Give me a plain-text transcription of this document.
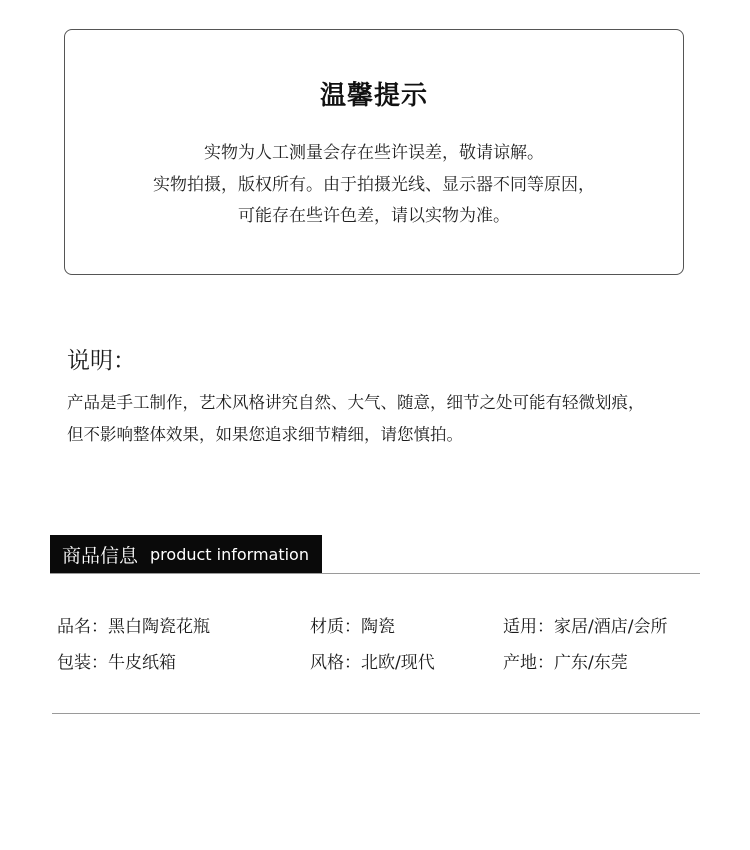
温馨提示
实物为人工测量会存在些许误差，敬请谅解。
实物拍摄，版权所有。由于拍摄光线、显示器不同等原因，
可能存在些许色差，请以实物为准。
说明：
产品是手工制作，艺术风格讲究自然、大气、随意，细节之处可能有轻微划痕，
但不影响整体效果，如果您追求细节精细，请您慎拍。
商品信息 product information
品名：黑白陶瓷花瓶	材质：陶瓷	适用：家居/酒店/会所
包装：牛皮纸箱	风格：北欧/现代	产地：广东/东莞
